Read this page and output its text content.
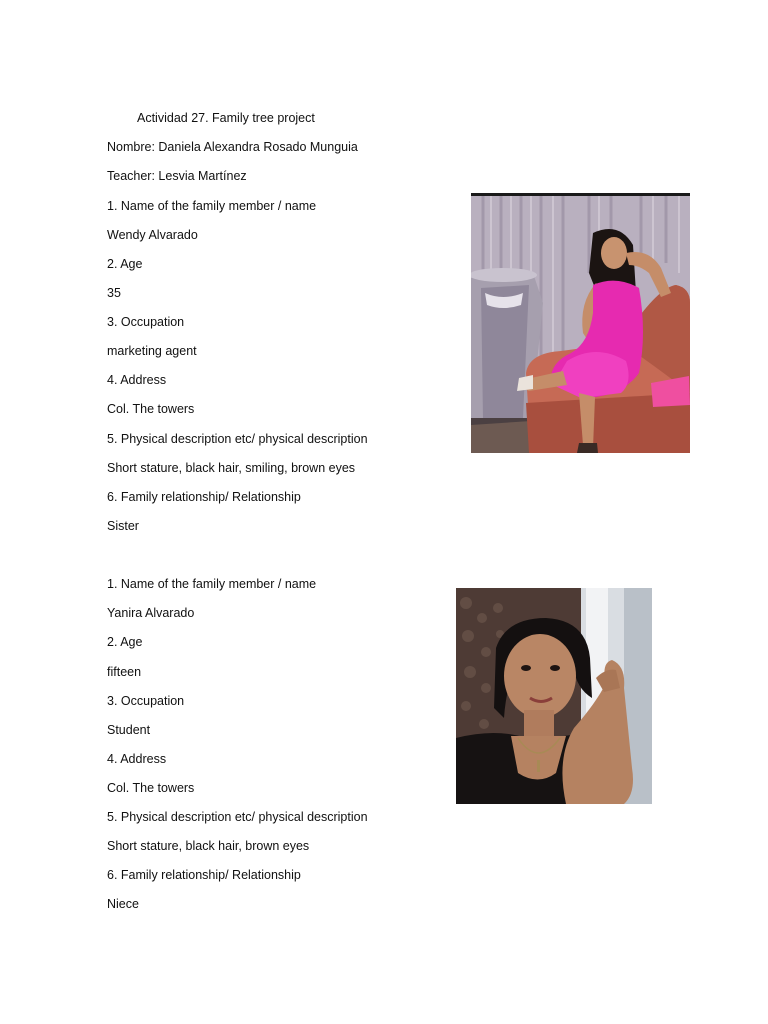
Actividad 27. Family tree project
Nombre: Daniela Alexandra Rosado Munguia
Teacher: Lesvia Martínez
1. Name of the family member / name
Wendy Alvarado
2. Age
35
3. Occupation
marketing agent
4. Address
Col. The towers
5. Physical description etc/ physical description
Short stature, black hair, smiling, brown eyes
6. Family relationship/ Relationship
Sister
1. Name of the family member / name
Yanira Alvarado
2. Age
fifteen
3. Occupation
Student
4. Address
Col. The towers
5. Physical description etc/ physical description
Short stature, black hair, brown eyes
6. Family relationship/ Relationship
Niece
